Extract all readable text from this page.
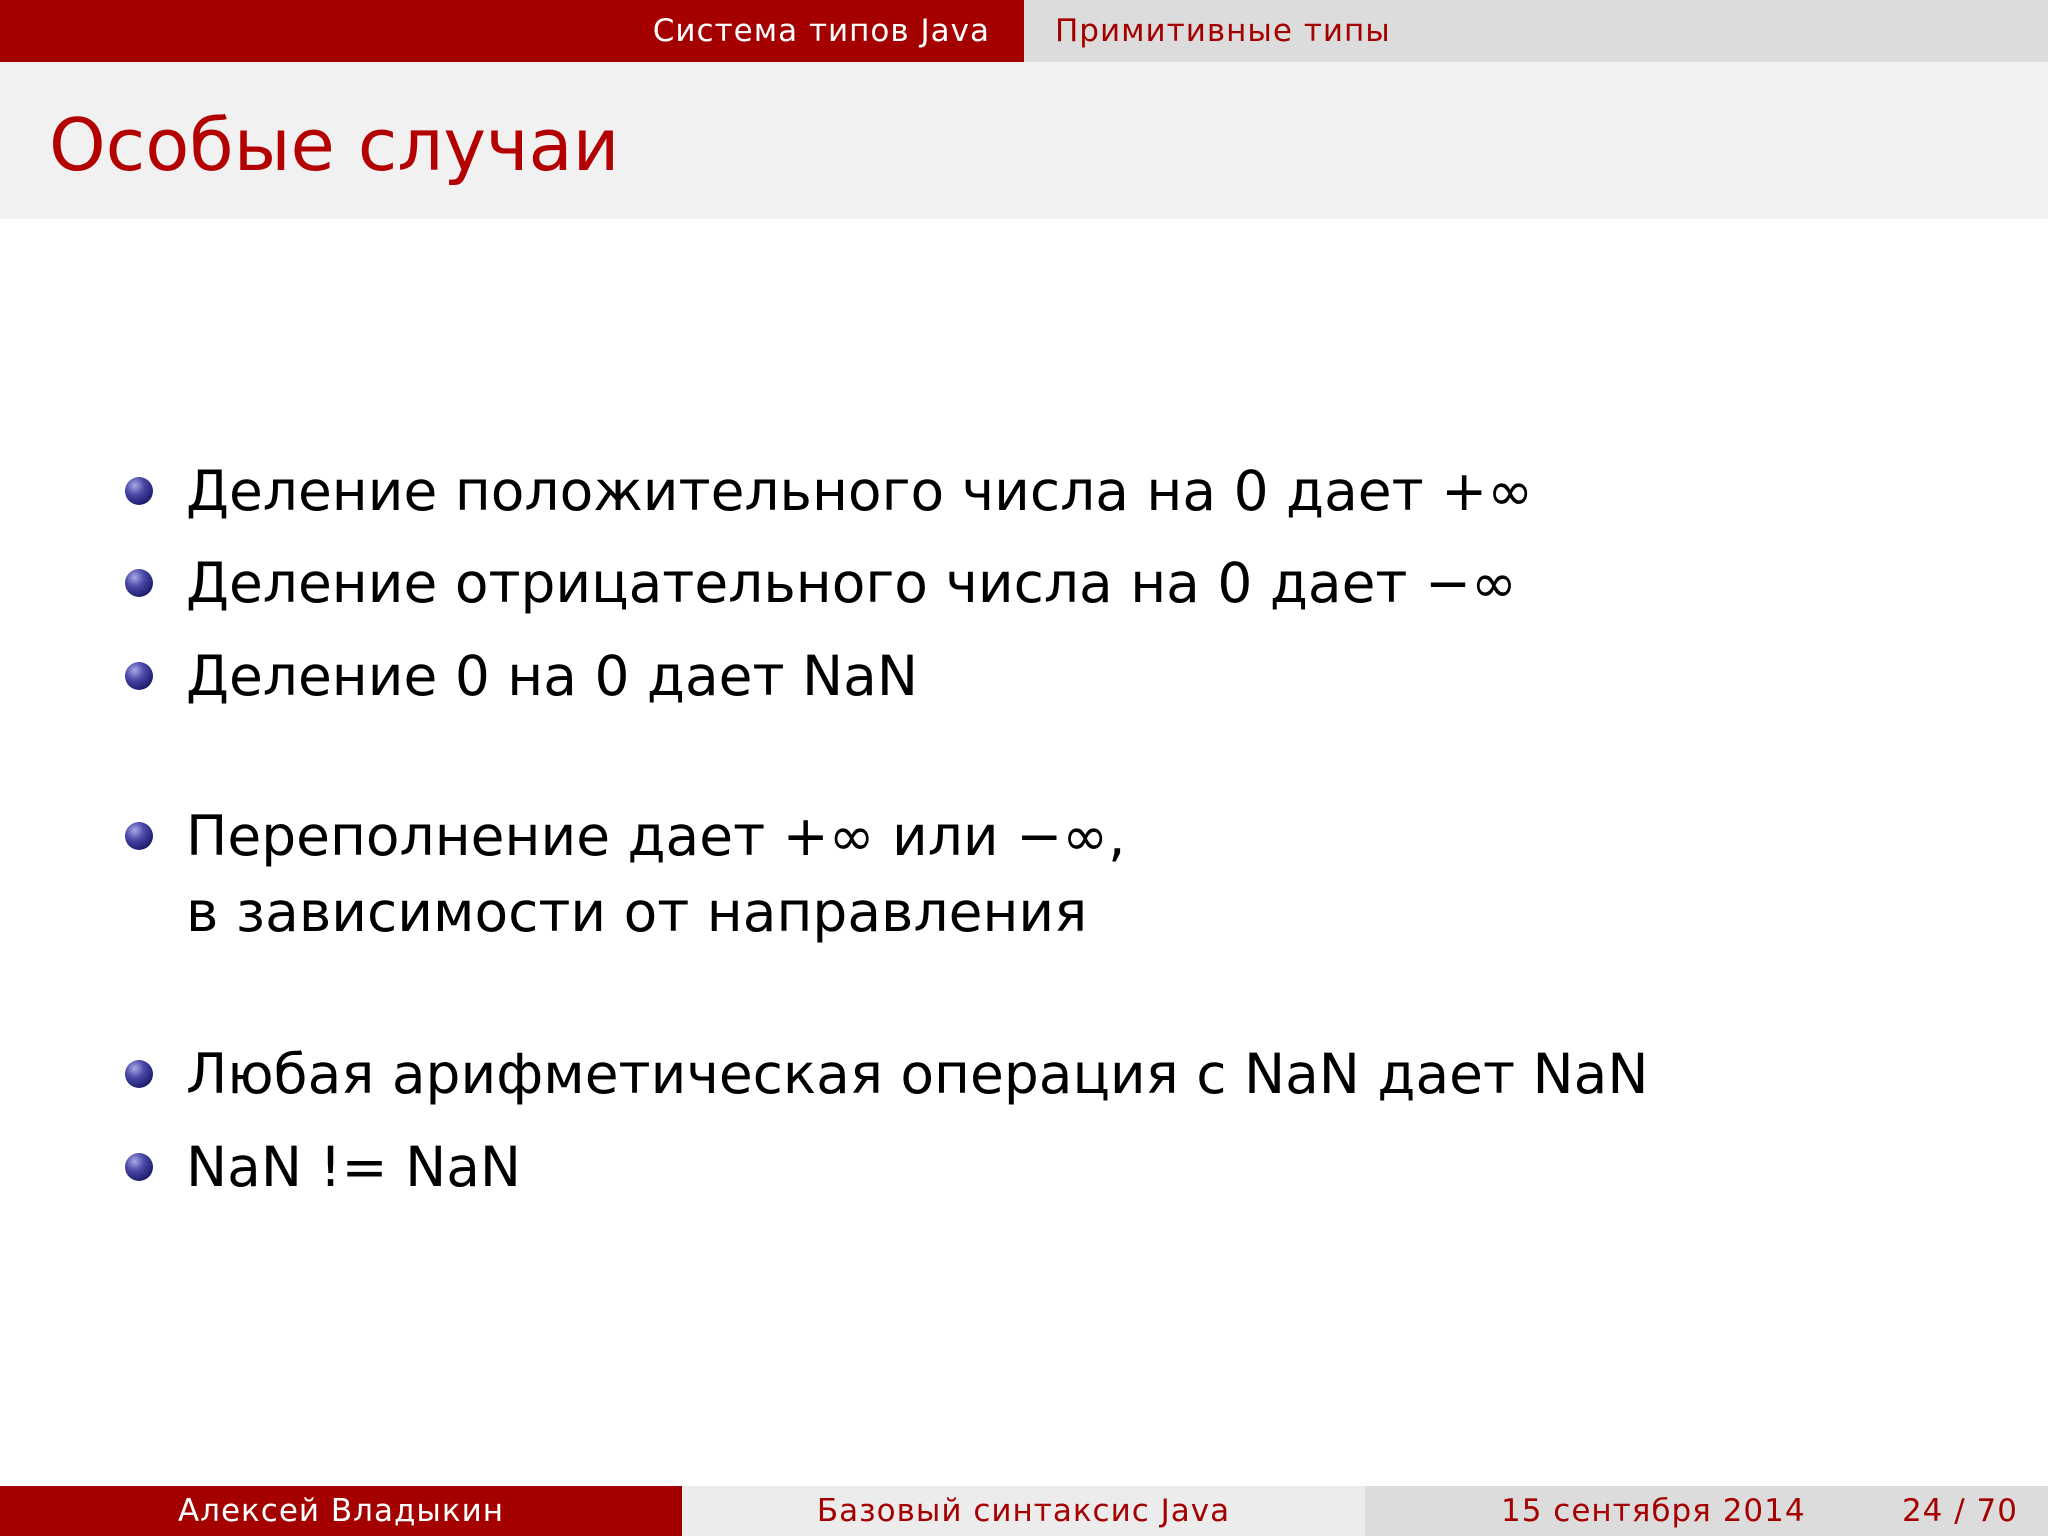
Система типов Java Примитивные типы
Особые случаи
Деление положительного числа на 0 дает +∞
Деление отрицательного числа на 0 дает −∞
Деление 0 на 0 дает NaN
Переполнение дает +∞ или −∞,
в зависимости от направления
Любая арифметическая операция с NaN дает NaN
NaN != NaN
Алексей Владыкин	Базовый синтаксис Java	15 сентября 2014	24 / 70
